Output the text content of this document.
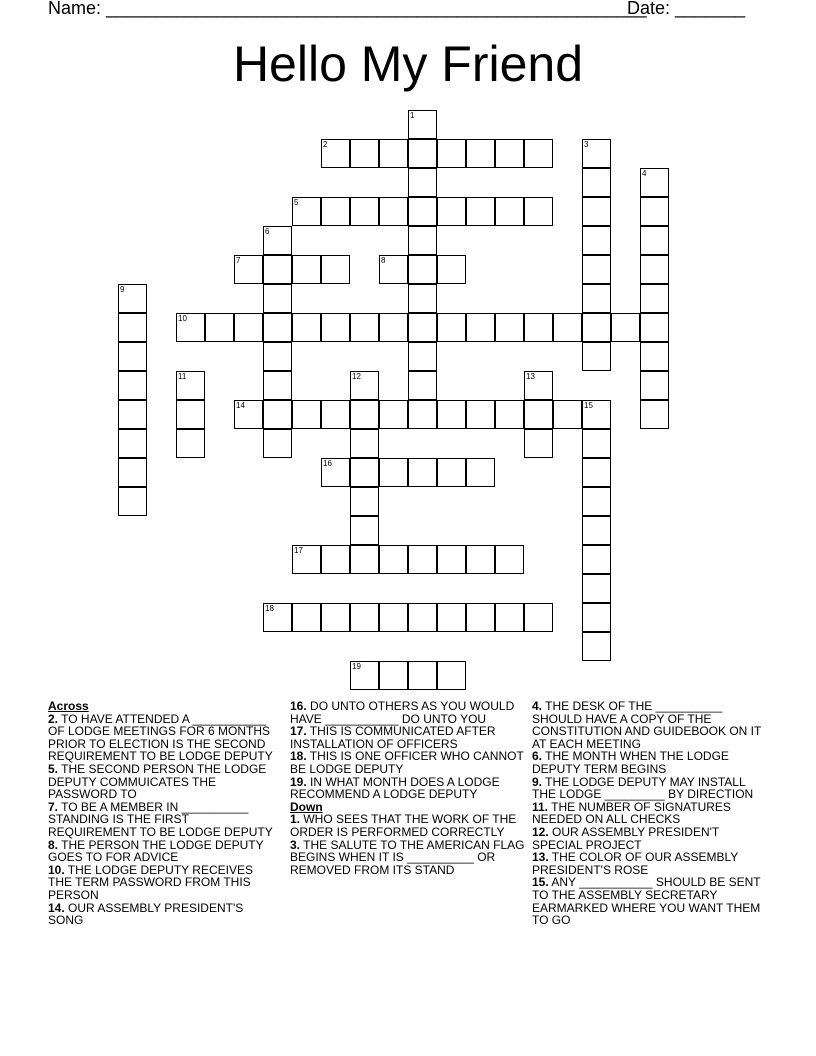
Name: ______________________________________________________
Date: _______
Hello My Friend
1
2	3
4
5
6
7	8
9
10
11	12	13
14	15
16
17
18
19
Across
2. TO HAVE ATTENDED A ___________ OF LODGE MEETINGS FOR 6 MONTHS PRIOR TO ELECTION IS THE SECOND REQUIREMENT TO BE LODGE DEPUTY
5. THE SECOND PERSON THE LODGE DEPUTY COMMUICATES THE PASSWORD TO
7. TO BE A MEMBER IN __________ STANDING IS THE FIRST REQUIREMENT TO BE LODGE DEPUTY
8. THE PERSON THE LODGE DEPUTY GOES TO FOR ADVICE
10. THE LODGE DEPUTY RECEIVES THE TERM PASSWORD FROM THIS PERSON
14. OUR ASSEMBLY PRESIDENT'S SONG
16. DO UNTO OTHERS AS YOU WOULD HAVE ___________ DO UNTO YOU
17. THIS IS COMMUNICATED AFTER INSTALLATION OF OFFICERS
18. THIS IS ONE OFFICER WHO CANNOT BE LODGE DEPUTY
19. IN WHAT MONTH DOES A LODGE RECOMMEND A LODGE DEPUTY
Down
1. WHO SEES THAT THE WORK OF THE ORDER IS PERFORMED CORRECTLY
3. THE SALUTE TO THE AMERICAN FLAG BEGINS WHEN IT IS __________ OR REMOVED FROM ITS STAND
4. THE DESK OF THE __________ SHOULD HAVE A COPY OF THE CONSTITUTION AND GUIDEBOOK ON IT AT EACH MEETING
6. THE MONTH WHEN THE LODGE DEPUTY TERM BEGINS
9. THE LODGE DEPUTY MAY INSTALL THE LODGE _________ BY DIRECTION
11. THE NUMBER OF SIGNATURES NEEDED ON ALL CHECKS
12. OUR ASSEMBLY PRESIDEN'T SPECIAL PROJECT
13. THE COLOR OF OUR ASSEMBLY PRESIDENT'S ROSE
15. ANY ___________ SHOULD BE SENT TO THE ASSEMBLY SECRETARY EARMARKED WHERE YOU WANT THEM TO GO
